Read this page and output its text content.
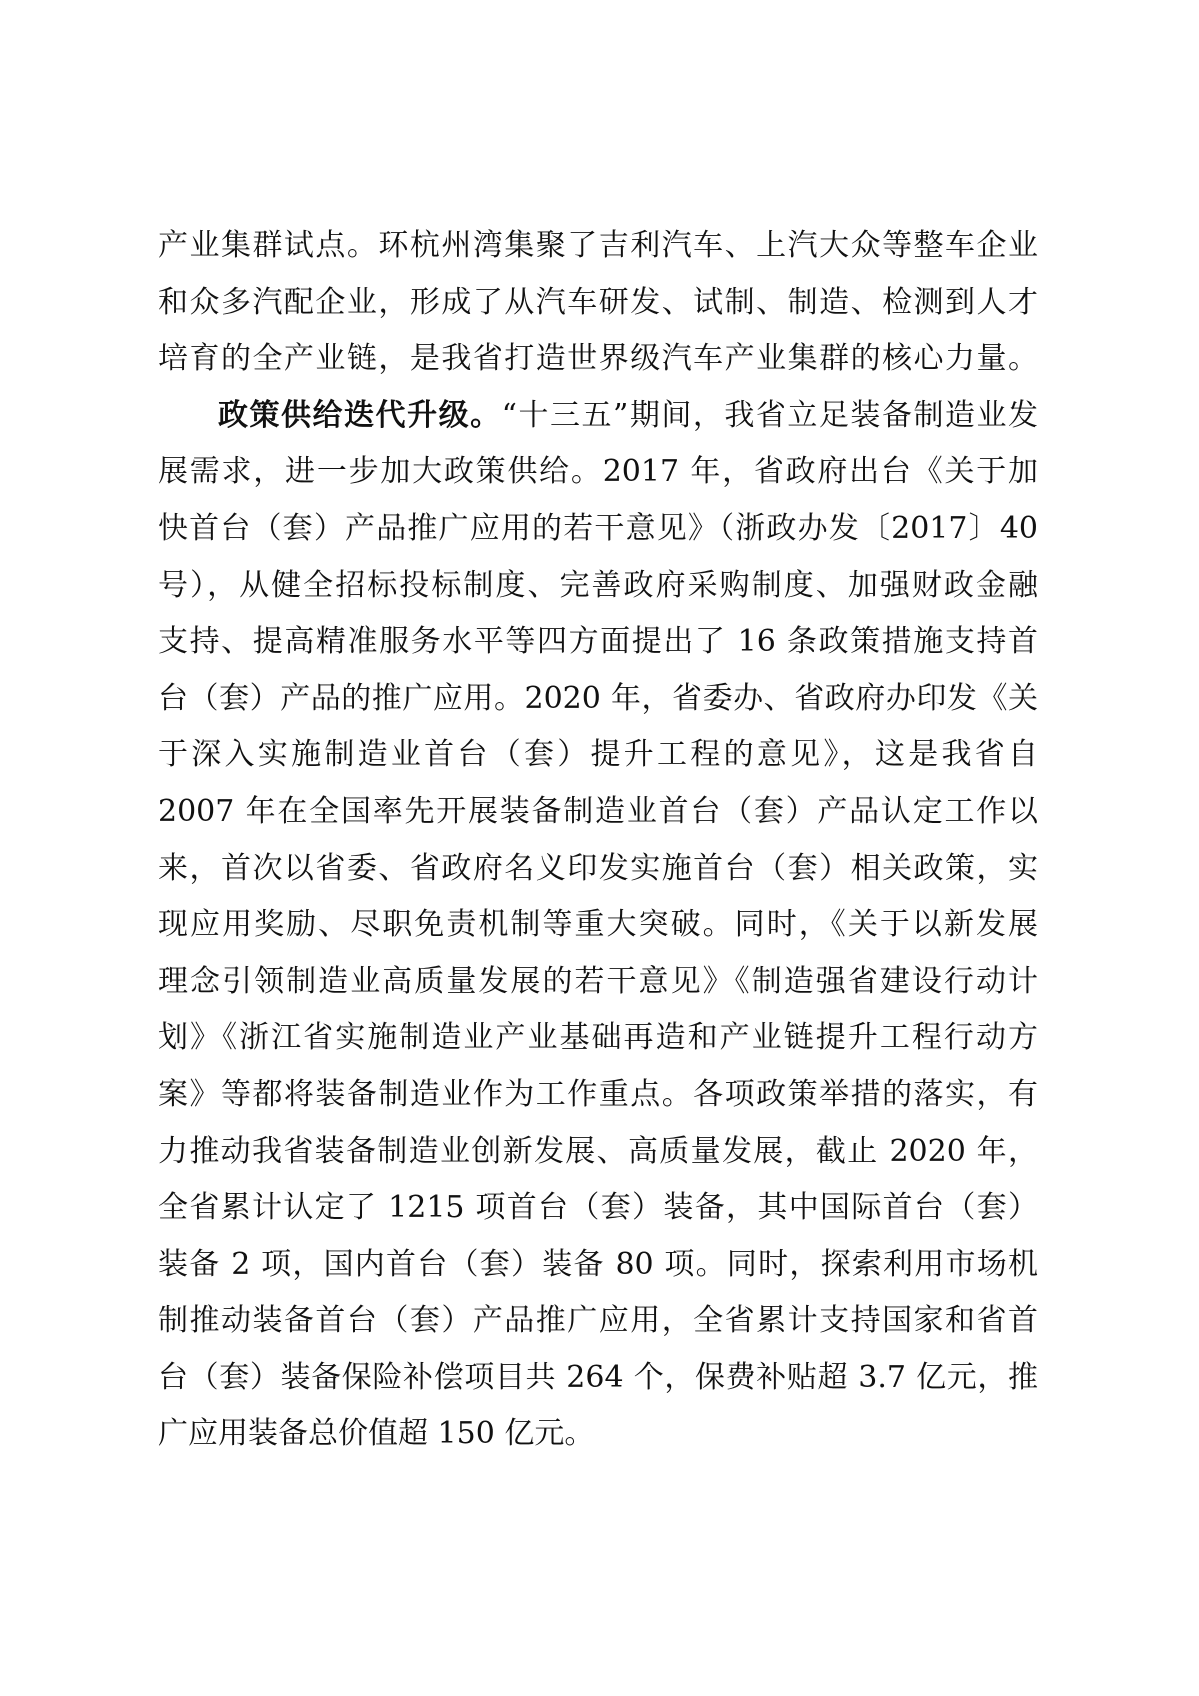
产业集群试点。环杭州湾集聚了吉利汽车、上汽大众等整车企业
和众多汽配企业，形成了从汽车研发、试制、制造、检测到人才
培育的全产业链，是我省打造世界级汽车产业集群的核心力量。
政策供给迭代升级。“十三五”期间，我省立足装备制造业发
展需求，进一步加大政策供给。2017 年，省政府出台《关于加
快首台（套）产品推广应用的若干意见》（浙政办发〔2017〕40
号），从健全招标投标制度、完善政府采购制度、加强财政金融
支持、提高精准服务水平等四方面提出了 16 条政策措施支持首
台（套）产品的推广应用。2020 年，省委办、省政府办印发《关
于深入实施制造业首台（套）提升工程的意见》，这是我省自
2007 年在全国率先开展装备制造业首台（套）产品认定工作以
来，首次以省委、省政府名义印发实施首台（套）相关政策，实
现应用奖励、尽职免责机制等重大突破。同时，《关于以新发展
理念引领制造业高质量发展的若干意见》《制造强省建设行动计
划》《浙江省实施制造业产业基础再造和产业链提升工程行动方
案》等都将装备制造业作为工作重点。各项政策举措的落实，有
力推动我省装备制造业创新发展、高质量发展，截止 2020 年，
全省累计认定了 1215 项首台（套）装备，其中国际首台（套）
装备 2 项，国内首台（套）装备 80 项。同时，探索利用市场机
制推动装备首台（套）产品推广应用，全省累计支持国家和省首
台（套）装备保险补偿项目共 264 个，保费补贴超 3.7 亿元，推
广应用装备总价值超 150 亿元。
